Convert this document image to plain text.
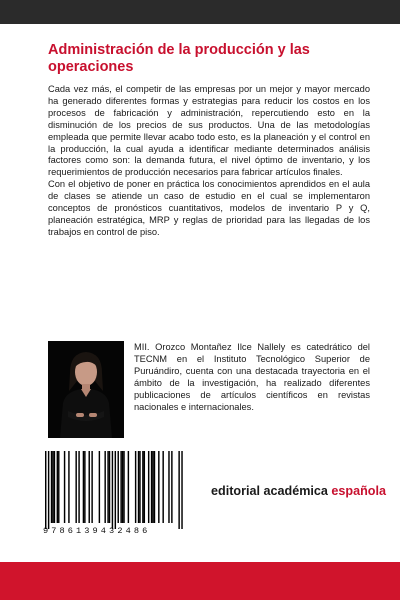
Administración de la producción y las operaciones

Cada vez más, el competir de las empresas por un mejor y mayor mercado ha generado diferentes formas y estrategias para reducir los costos en los procesos de fabricación y administración, repercutiendo esto en la disminución de los precios de sus productos. Una de las metodologías empleada que permite llevar acabo todo esto, es la planeación y el control en la producción, la cual ayuda a identificar mediante determinados análisis factores como son: la demanda futura, el nivel óptimo de inventario, y los requerimientos de producción necesarios para fabricar artículos finales.

Con el objetivo de poner en práctica los conocimientos aprendidos en el aula de clases se atiende un caso de estudio en el cual se implementaron conceptos de pronósticos cuantitativos, modelos de inventario P y Q, planeación estratégica, MRP y reglas de prioridad para las llegadas de los trabajos en control de piso.

MII. Orozco Montañez Ilce Nallely es catedrático del TECNM en el Instituto Tecnológico Superior de Puruándiro, cuenta con una destacada trayectoria en el ámbito de la investigación, ha realizado diferentes publicaciones de artículos científicos en revistas nacionales e internacionales.
9786139432486
editorial académica española
